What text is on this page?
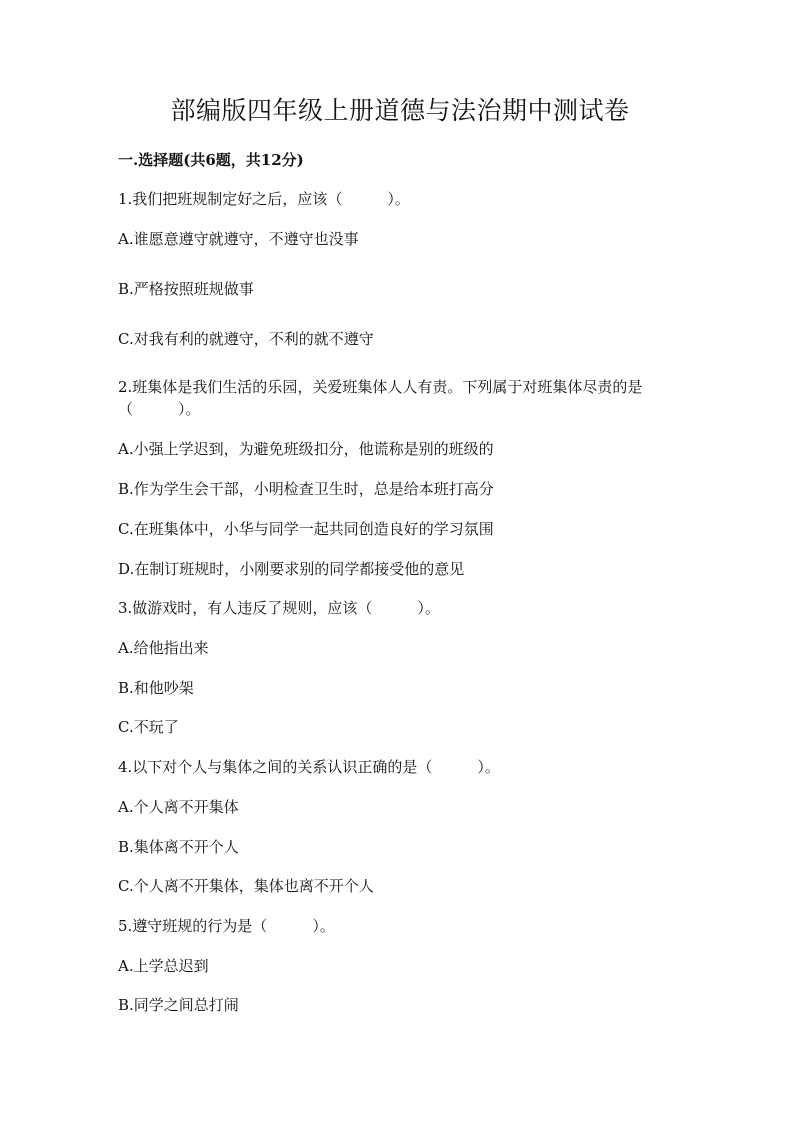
部编版四年级上册道德与法治期中测试卷
一.选择题(共6题，共12分)
1.我们把班规制定好之后，应该（　　　）。
A.谁愿意遵守就遵守，不遵守也没事
B.严格按照班规做事
C.对我有利的就遵守，不利的就不遵守
2.班集体是我们生活的乐园，关爱班集体人人有责。下列属于对班集体尽责的是（　　　）。
A.小强上学迟到，为避免班级扣分，他谎称是别的班级的
B.作为学生会干部，小明检查卫生时，总是给本班打高分
C.在班集体中，小华与同学一起共同创造良好的学习氛围
D.在制订班规时，小刚要求别的同学都接受他的意见
3.做游戏时，有人违反了规则，应该（　　　）。
A.给他指出来
B.和他吵架
C.不玩了
4.以下对个人与集体之间的关系认识正确的是（　　　）。
A.个人离不开集体
B.集体离不开个人
C.个人离不开集体，集体也离不开个人
5.遵守班规的行为是（　　　）。
A.上学总迟到
B.同学之间总打闹
